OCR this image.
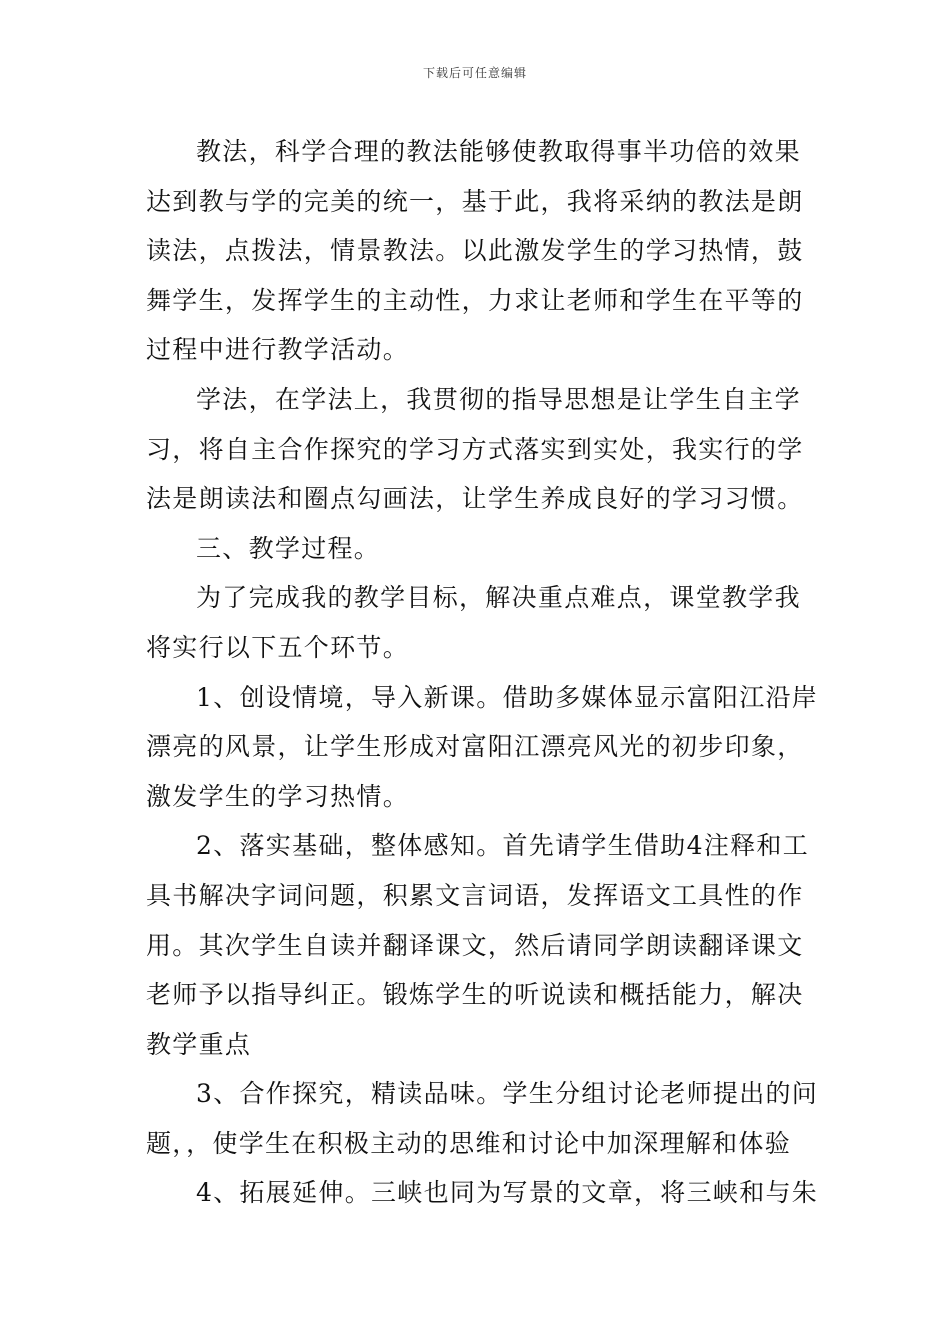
下载后可任意编辑
教法，科学合理的教法能够使教取得事半功倍的效果
达到教与学的完美的统一，基于此，我将采纳的教法是朗
读法，点拨法，情景教法。以此激发学生的学习热情，鼓
舞学生，发挥学生的主动性，力求让老师和学生在平等的
过程中进行教学活动。
学法，在学法上，我贯彻的指导思想是让学生自主学
习，将自主合作探究的学习方式落实到实处，我实行的学
法是朗读法和圈点勾画法，让学生养成良好的学习习惯。
三、教学过程。
为了完成我的教学目标，解决重点难点，课堂教学我
将实行以下五个环节。
1、创设情境，导入新课。借助多媒体显示富阳江沿岸
漂亮的风景，让学生形成对富阳江漂亮风光的初步印象，
激发学生的学习热情。
2、落实基础，整体感知。首先请学生借助4注释和工
具书解决字词问题，积累文言词语，发挥语文工具性的作
用。其次学生自读并翻译课文，然后请同学朗读翻译课文
老师予以指导纠正。锻炼学生的听说读和概括能力，解决
教学重点
3、合作探究，精读品味。学生分组讨论老师提出的问
题，，使学生在积极主动的思维和讨论中加深理解和体验
4、拓展延伸。三峡也同为写景的文章，将三峡和与朱
